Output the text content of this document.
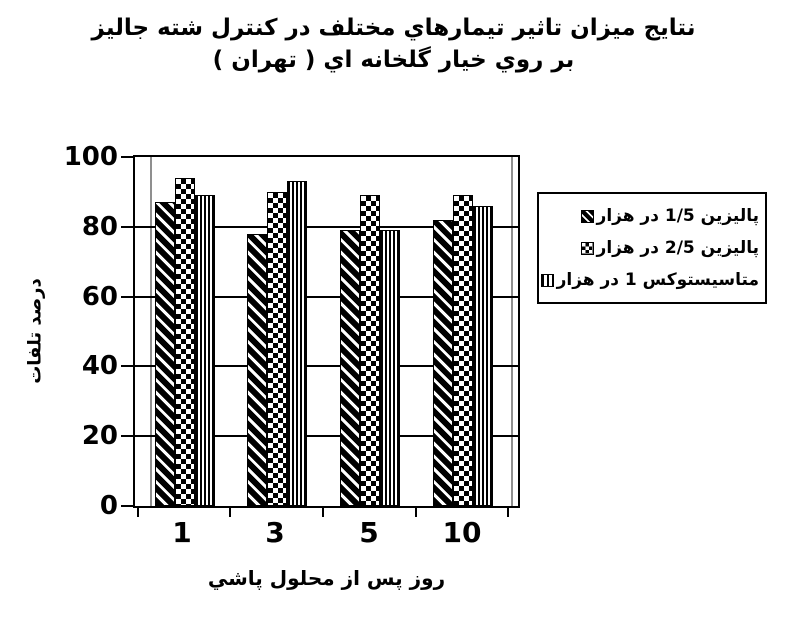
نتايج ميزان تاثير تيمارهاي مختلف در كنترل شته جاليز
بر روي خيار گلخانه اي ( تهران )
درصد تلفات
0
20
40
60
80
100
1	3	5 10
روز پس از محلول پاشي
پاليزين 1/5 در هزار
پاليزين 2/5 در هزار
متاسيستوكس 1 در هزار
